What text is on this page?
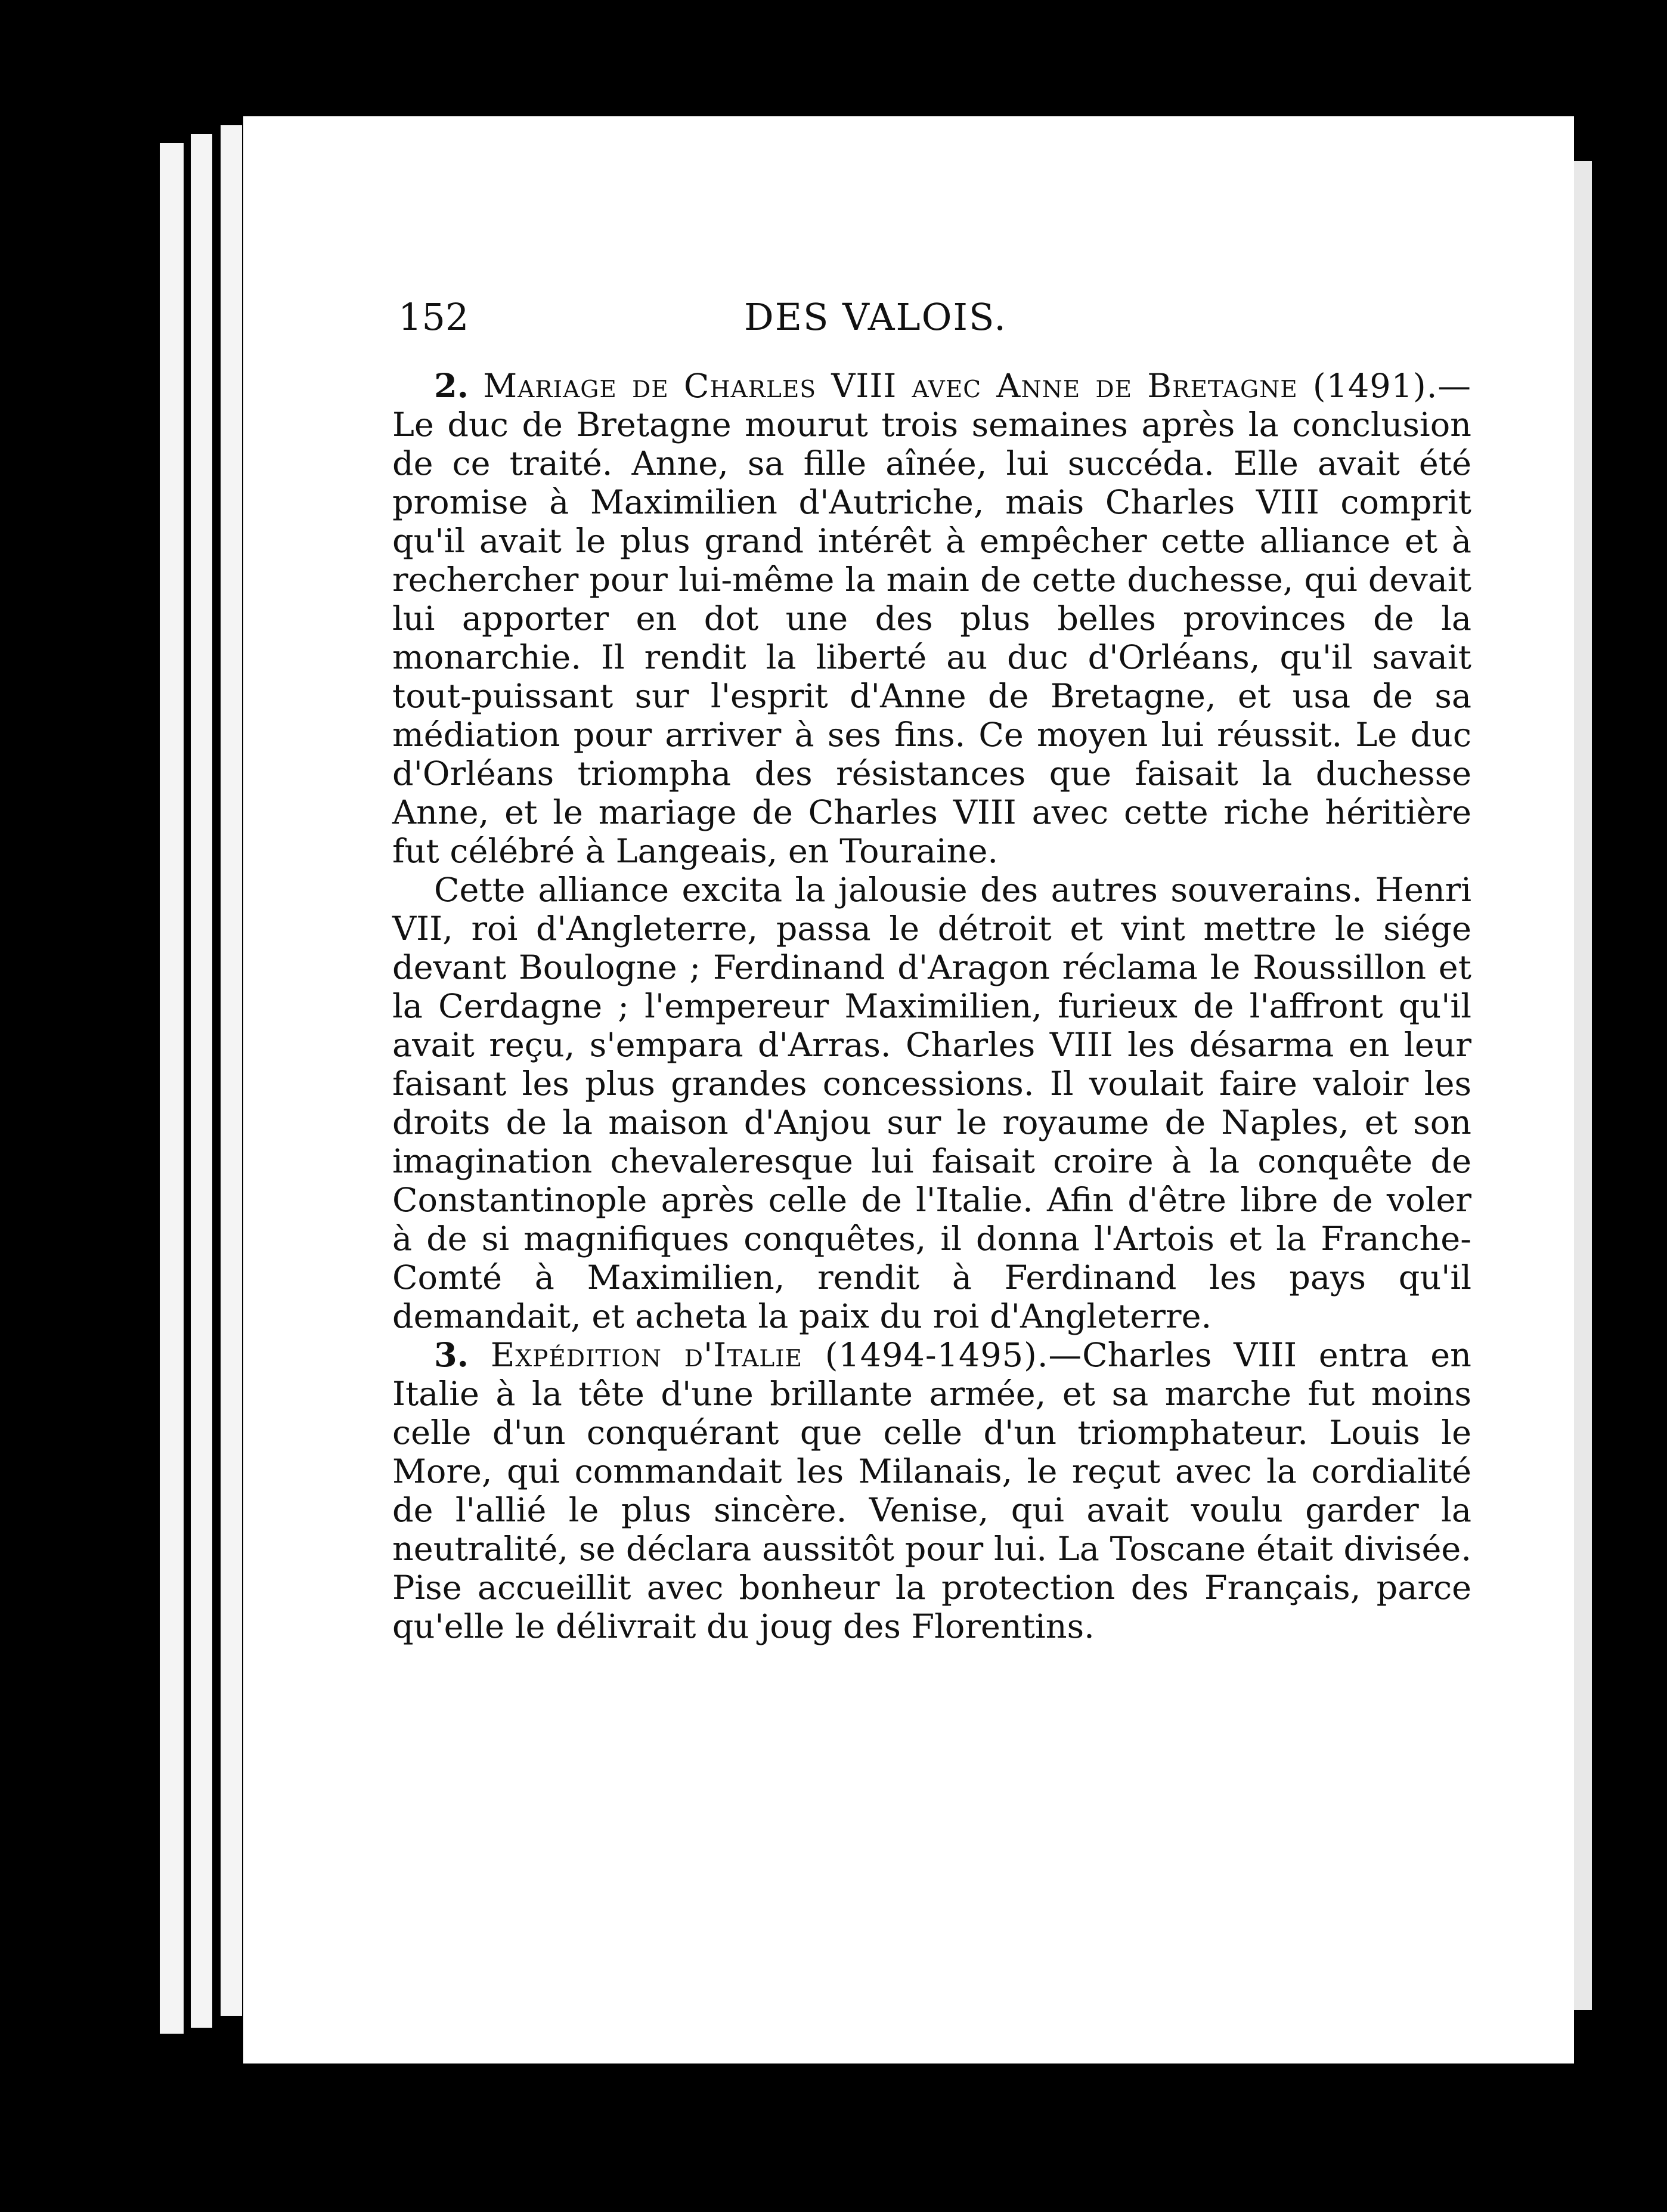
152	DES VALOIS.

2. Mariage de Charles VIII avec Anne de Bretagne (1491).—Le duc de Bretagne mourut trois semaines après la conclusion de ce traité. Anne, sa fille aînée, lui succéda. Elle avait été promise à Maximilien d'Autriche, mais Charles VIII comprit qu'il avait le plus grand intérêt à empêcher cette alliance et à rechercher pour lui-même la main de cette duchesse, qui devait lui apporter en dot une des plus belles provinces de la monarchie. Il rendit la liberté au duc d'Orléans, qu'il savait tout-puissant sur l'esprit d'Anne de Bretagne, et usa de sa médiation pour arriver à ses fins. Ce moyen lui réussit. Le duc d'Orléans triompha des résistances que faisait la duchesse Anne, et le mariage de Charles VIII avec cette riche héritière fut célébré à Langeais, en Touraine.

Cette alliance excita la jalousie des autres souverains. Henri VII, roi d'Angleterre, passa le détroit et vint mettre le siége devant Boulogne ; Ferdinand d'Aragon réclama le Roussillon et la Cerdagne ; l'empereur Maximilien, furieux de l'affront qu'il avait reçu, s'empara d'Arras. Charles VIII les désarma en leur faisant les plus grandes concessions. Il voulait faire valoir les droits de la maison d'Anjou sur le royaume de Naples, et son imagination chevaleresque lui faisait croire à la conquête de Constantinople après celle de l'Italie. Afin d'être libre de voler à de si magnifiques conquêtes, il donna l'Artois et la Franche-Comté à Maximilien, rendit à Ferdinand les pays qu'il demandait, et acheta la paix du roi d'Angleterre.

3. Expédition d'Italie (1494-1495).—Charles VIII entra en Italie à la tête d'une brillante armée, et sa marche fut moins celle d'un conquérant que celle d'un triomphateur. Louis le More, qui commandait les Milanais, le reçut avec la cordialité de l'allié le plus sincère. Venise, qui avait voulu garder la neutralité, se déclara aussitôt pour lui. La Toscane était divisée. Pise accueillit avec bonheur la protection des Français, parce qu'elle le délivrait du joug des Florentins.
